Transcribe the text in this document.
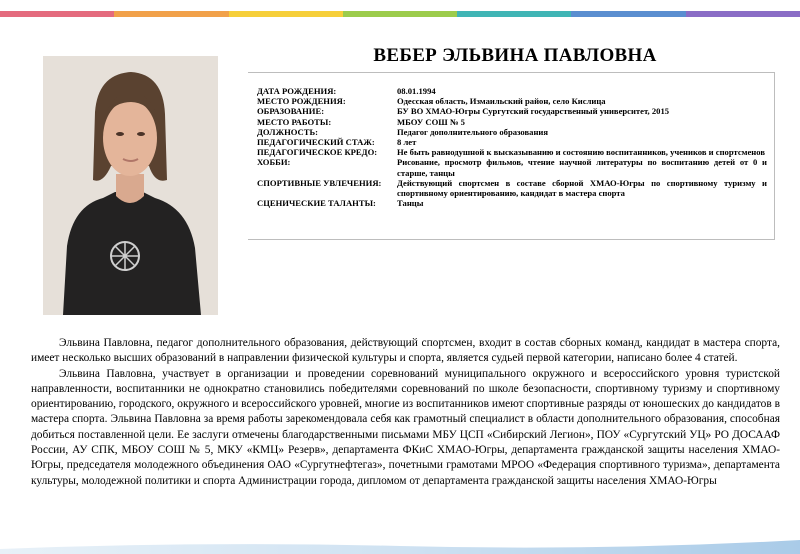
ВЕБЕР ЭЛЬВИНА ПАВЛОВНА
ДАТА РОЖДЕНИЯ:	08.01.1994
МЕСТО РОЖДЕНИЯ:	Одесская область, Измаильский район, село Кислица
ОБРАЗОВАНИЕ:	БУ ВО ХМАО-Югры Сургутский государственный университет, 2015
МЕСТО РАБОТЫ:	МБОУ СОШ № 5
ДОЛЖНОСТЬ:	Педагог дополнительного образования
ПЕДАГОГИЧЕСКИЙ СТАЖ:	8 лет
ПЕДАГОГИЧЕСКОЕ КРЕДО:	Не быть равнодушной к высказыванию и состоянию воспитанников, учеников и спортсменов
ХОББИ:	Рисование, просмотр фильмов, чтение научной литературы по воспитанию детей от 0 и старше, танцы
СПОРТИВНЫЕ УВЛЕЧЕНИЯ:	Действующий спортсмен в составе сборной ХМАО-Югры по спортивному туризму и спортивному ориентированию, кандидат в мастера спорта
СЦЕНИЧЕСКИЕ ТАЛАНТЫ:	Танцы

Эльвина Павловна, педагог дополнительного образования, действующий спортсмен, входит в состав сборных команд, кандидат в мастера спорта, имеет несколько высших образований в направлении физической культуры и спорта, является судьей первой категории, написано более 4 статей.

Эльвина Павловна, участвует в организации и проведении соревнований муниципального окружного и всероссийского уровня туристской направленности, воспитанники не однократно становились победителями соревнований по школе безопасности, спортивному туризму и спортивному ориентированию, городского, окружного и всероссийского уровней, многие из воспитанников имеют спортивные разряды от юношеских до кандидатов в мастера спорта. Эльвина Павловна за время работы зарекомендовала себя как грамотный специалист в области дополнительного образования, способная добиться поставленной цели. Ее заслуги отмечены благодарственными письмами МБУ ЦСП «Сибирский Легион», ПОУ «Сургутский УЦ» РО ДОСААФ России, АУ СПК, МБОУ СОШ № 5, МКУ «КМЦ» Резерв», департамента ФКиС ХМАО-Югры, департамента гражданской защиты населения ХМАО-Югры, председателя молодежного объединения ОАО «Сургутнефтегаз», почетными грамотами МРОО «Федерация спортивного туризма», департамента культуры, молодежной политики и спорта Администрации города, дипломом от департамента гражданской защиты населения ХМАО-Югры
